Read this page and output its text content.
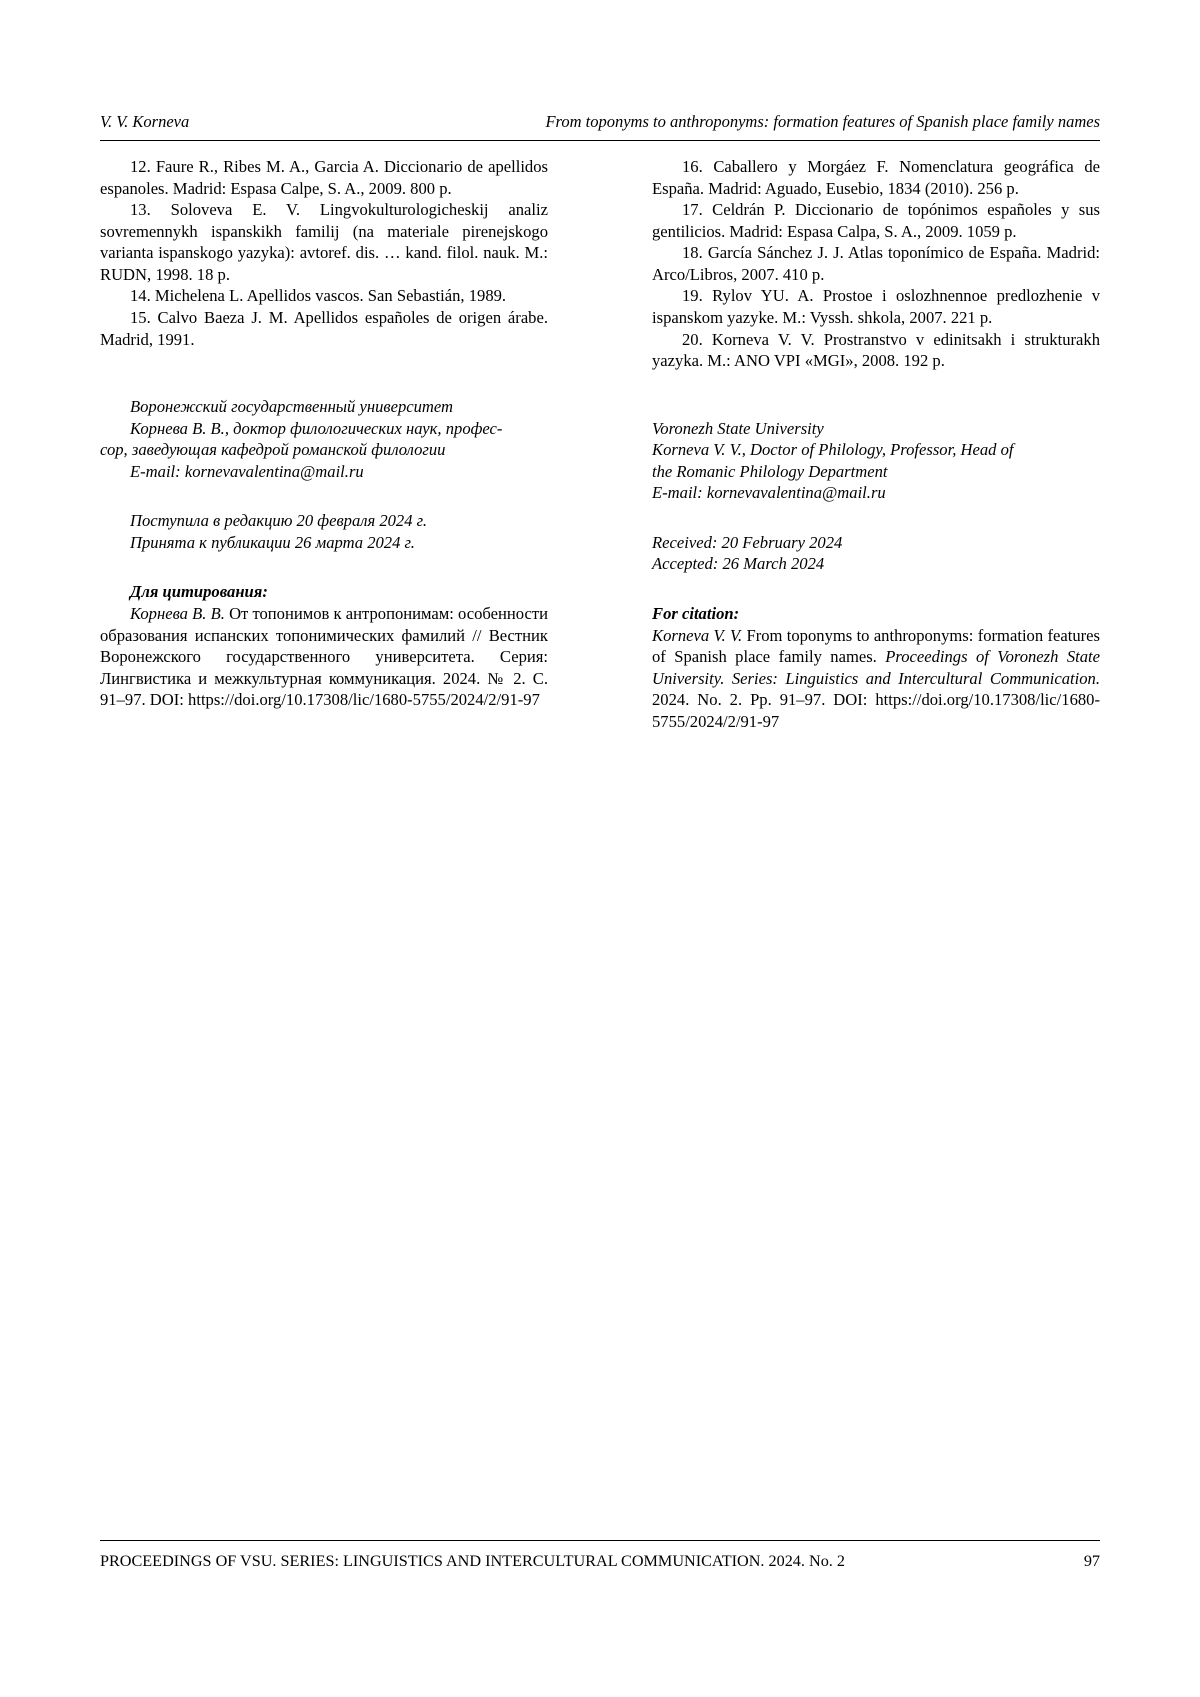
V. V. Korneva	From toponyms to anthroponyms: formation features of Spanish place family names

12. Faure R., Ribes M. A., Garcia A. Diccionario de apellidos espanoles. Madrid: Espasa Calpe, S. A., 2009. 800 p.

13. Soloveva E. V. Lingvokulturologicheskij analiz sovremennykh ispanskikh familij (na materiale pirenejskogo varianta ispanskogo yazyka): avtoref. dis. … kand. filol. nauk. M.: RUDN, 1998. 18 p.

14. Michelena L. Apellidos vascos. San Sebastián, 1989.

15. Calvo Baeza J. M. Apellidos españoles de origen árabe. Madrid, 1991.

Воронежский государственный университет

Корнева В. В., доктор филологических наук, профес-

сор, заведующая кафедрой романской филологии

E-mail: kornevavalentina@mail.ru

Поступила в редакцию 20 февраля 2024 г.

Принята к публикации 26 марта 2024 г.

Для цитирования:

Корнева В. В. От топонимов к антропонимам: особенности образования испанских топонимических фамилий // Вестник Воронежского государственного университета. Серия: Лингвистика и межкультурная коммуникация. 2024. № 2. С. 91–97. DOI: https://doi.org/10.17308/lic/1680-5755/2024/2/91-97

16. Caballero y Morgáez F. Nomenclatura geográfica de España. Madrid: Aguado, Eusebio, 1834 (2010). 256 p.

17. Celdrán P. Diccionario de topónimos españoles y sus gentilicios. Madrid: Espasa Calpa, S. A., 2009. 1059 p.

18. García Sánchez J. J. Atlas toponímico de España. Madrid: Arco/Libros, 2007. 410 p.

19. Rylov YU. A. Prostoe i oslozhnennoe predlozhenie v ispanskom yazyke. M.: Vyssh. shkola, 2007. 221 p.

20. Korneva V. V. Prostranstvo v edinitsakh i strukturakh yazyka. M.: ANO VPI «MGI», 2008. 192 p.

Voronezh State University

Korneva V. V., Doctor of Philology, Professor, Head of

the Romanic Philology Department

E-mail: kornevavalentina@mail.ru

Received: 20 February 2024

Accepted: 26 March 2024

For citation:

Korneva V. V. From toponyms to anthroponyms: formation features of Spanish place family names. Proceedings of Voronezh State University. Series: Linguistics and Intercultural Communication. 2024. No. 2. Pp. 91–97. DOI: https://doi.org/10.17308/lic/1680-5755/2024/2/91-97

PROCEEDINGS OF VSU. SERIES: LINGUISTICS AND INTERCULTURAL COMMUNICATION. 2024. No. 2	97
